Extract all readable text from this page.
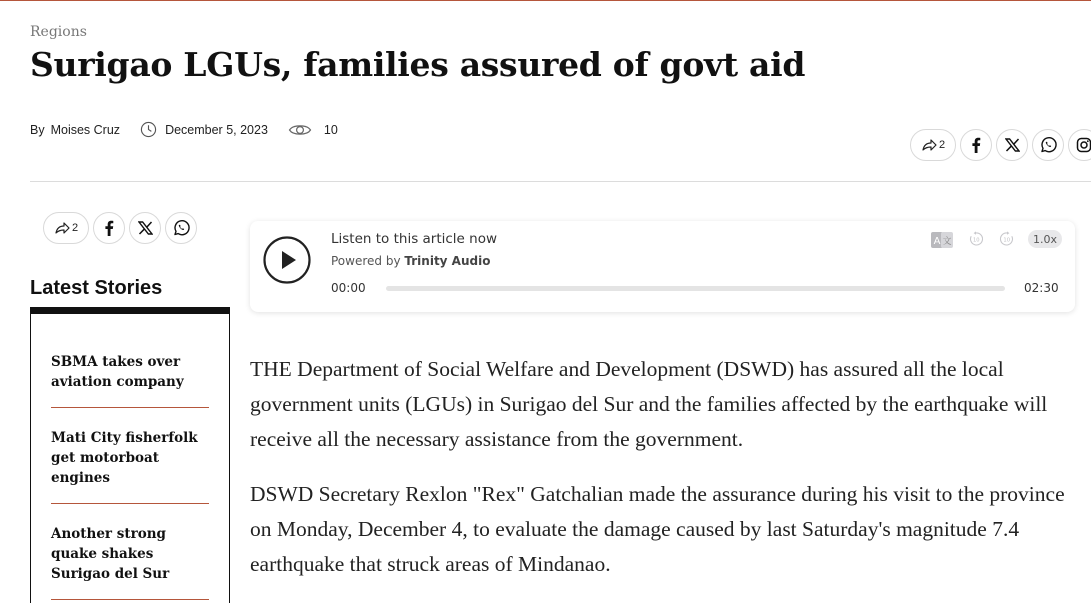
Regions
Surigao LGUs, families assured of govt aid
By Moises Cruz	December 5, 2023	10
2
2
Latest Stories
SBMA takes over aviation company
Mati City fisherfolk get motorboat engines
Another strong quake shakes Surigao del Sur
Listen to this article now
Powered by Trinity Audio
A 文	10	10	1.0x
00:00	02:30

THE Department of Social Welfare and Development (DSWD) has assured all the local government units (LGUs) in Surigao del Sur and the families affected by the earthquake will receive all the necessary assistance from the government.

DSWD Secretary Rexlon "Rex" Gatchalian made the assurance during his visit to the province on Monday, December 4, to evaluate the damage caused by last Saturday's magnitude 7.4 earthquake that struck areas of Mindanao.
